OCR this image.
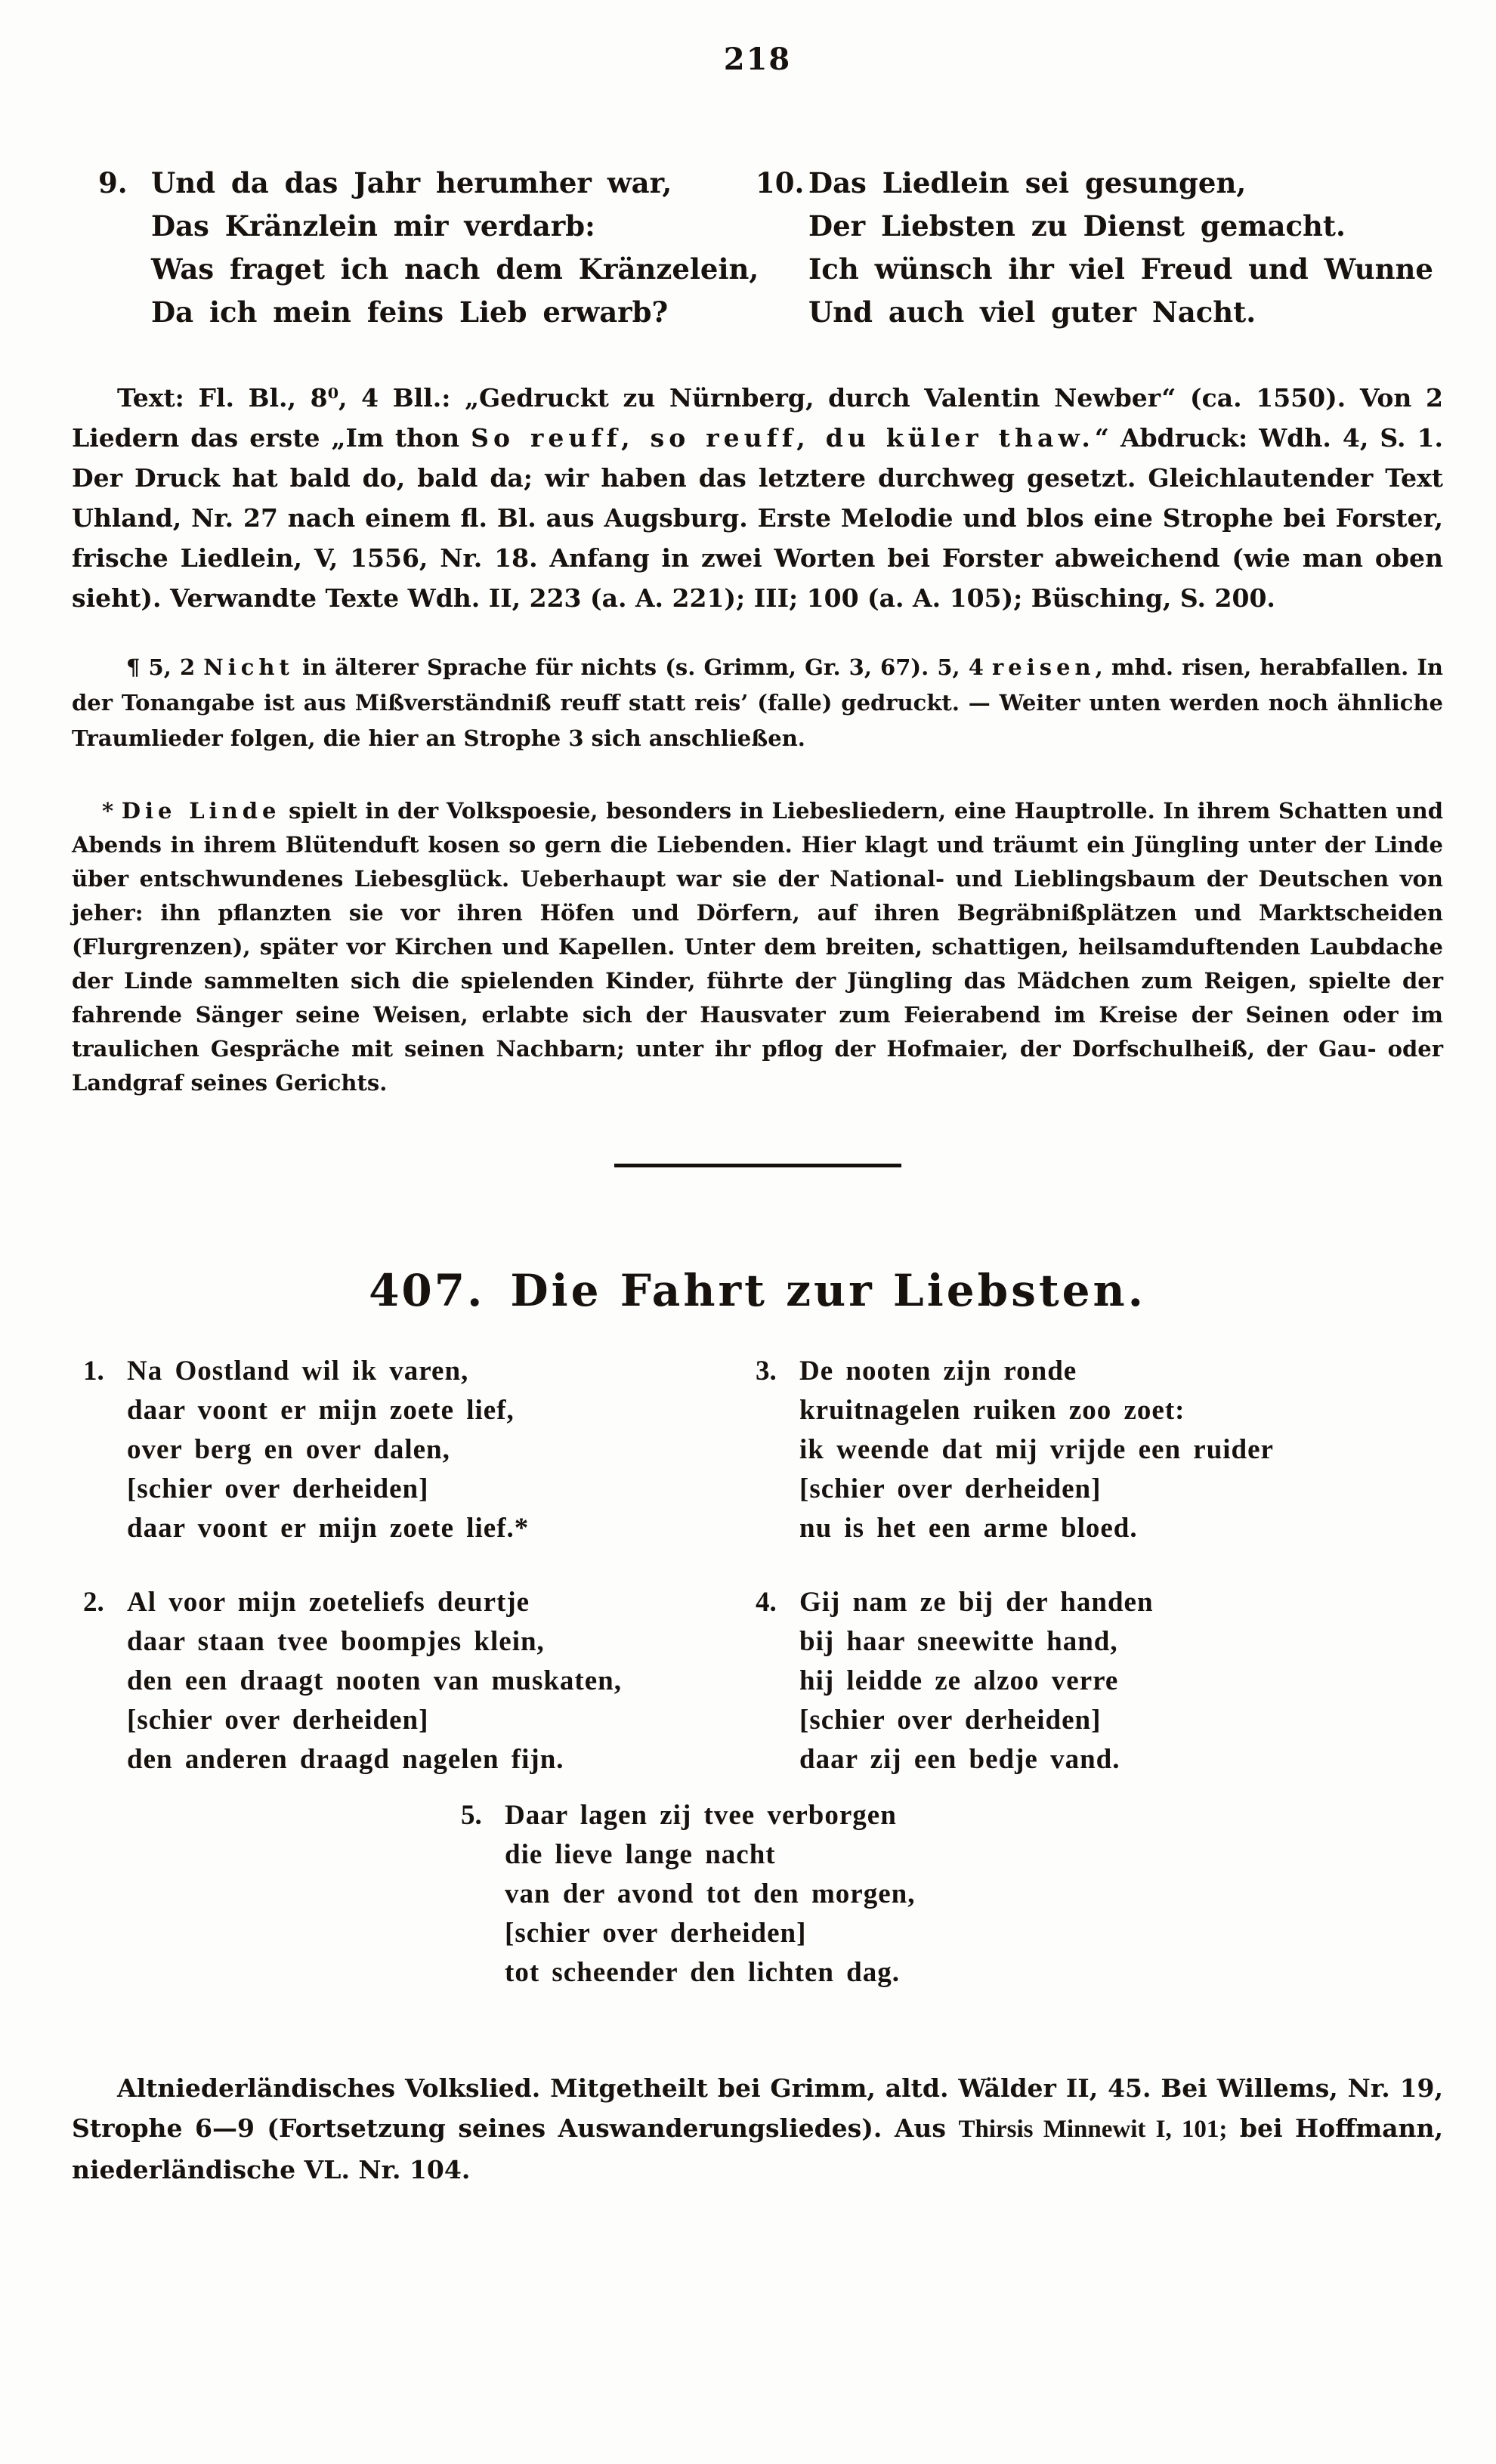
218
9. Und da das Jahr herumher war,
Das Kränzlein mir verdarb:
Was fraget ich nach dem Kränzelein,
Da ich mein feins Lieb erwarb?
10. Das Liedlein sei gesungen,
Der Liebsten zu Dienst gemacht.
Ich wünsch ihr viel Freud und Wunne
Und auch viel guter Nacht.

Text: Fl. Bl., 8⁰, 4 Bll.: „Gedruckt zu Nürnberg, durch Valentin Newber“ (ca. 1550). Von 2 Liedern das erste „Im thon So reuff, so reuff, du küler thaw.“ Abdruck: Wdh. 4, S. 1. Der Druck hat bald do, bald da; wir haben das letztere durchweg gesetzt. Gleichlautender Text Uhland, Nr. 27 nach einem fl. Bl. aus Augsburg. Erste Melodie und blos eine Strophe bei Forster, frische Liedlein, V, 1556, Nr. 18. Anfang in zwei Worten bei Forster abweichend (wie man oben sieht). Verwandte Texte Wdh. II, 223 (a. A. 221); III; 100 (a. A. 105); Büsching, S. 200.

¶ 5, 2 Nicht in älterer Sprache für nichts (s. Grimm, Gr. 3, 67). 5, 4 reisen, mhd. risen, herabfallen. In der Tonangabe ist aus Mißverständniß reuff statt reis’ (falle) gedruckt. — Weiter unten werden noch ähnliche Traumlieder folgen, die hier an Strophe 3 sich anschließen.

* Die Linde spielt in der Volkspoesie, besonders in Liebesliedern, eine Hauptrolle. In ihrem Schatten und Abends in ihrem Blütenduft kosen so gern die Liebenden. Hier klagt und träumt ein Jüngling unter der Linde über entschwundenes Liebesglück. Ueberhaupt war sie der National- und Lieblingsbaum der Deutschen von jeher: ihn pflanzten sie vor ihren Höfen und Dörfern, auf ihren Begräbnißplätzen und Marktscheiden (Flurgrenzen), später vor Kirchen und Kapellen. Unter dem breiten, schattigen, heilsamduftenden Laubdache der Linde sammelten sich die spielenden Kinder, führte der Jüngling das Mädchen zum Reigen, spielte der fahrende Sänger seine Weisen, erlabte sich der Hausvater zum Feierabend im Kreise der Seinen oder im traulichen Gespräche mit seinen Nachbarn; unter ihr pflog der Hofmaier, der Dorfschulheiß, der Gau- oder Landgraf seines Gerichts.

407. Die Fahrt zur Liebsten.
1. Na Oostland wil ik varen,
daar voont er mijn zoete lief,
over berg en over dalen,
[schier over derheiden]
daar voont er mijn zoete lief.*
3. De nooten zijn ronde
kruitnagelen ruiken zoo zoet:
ik weende dat mij vrijde een ruider
[schier over derheiden]
nu is het een arme bloed.
2. Al voor mijn zoeteliefs deurtje
daar staan tvee boompjes klein,
den een draagt nooten van muskaten,
[schier over derheiden]
den anderen draagd nagelen fijn.
4. Gij nam ze bij der handen
bij haar sneewitte hand,
hij leidde ze alzoo verre
[schier over derheiden]
daar zij een bedje vand.
5. Daar lagen zij tvee verborgen
die lieve lange nacht
van der avond tot den morgen,
[schier over derheiden]
tot scheender den lichten dag.

Altniederländisches Volkslied. Mitgetheilt bei Grimm, altd. Wälder II, 45. Bei Willems, Nr. 19, Strophe 6—9 (Fortsetzung seines Auswanderungsliedes). Aus Thirsis Minnewit I, 101; bei Hoffmann, niederländische VL. Nr. 104.
